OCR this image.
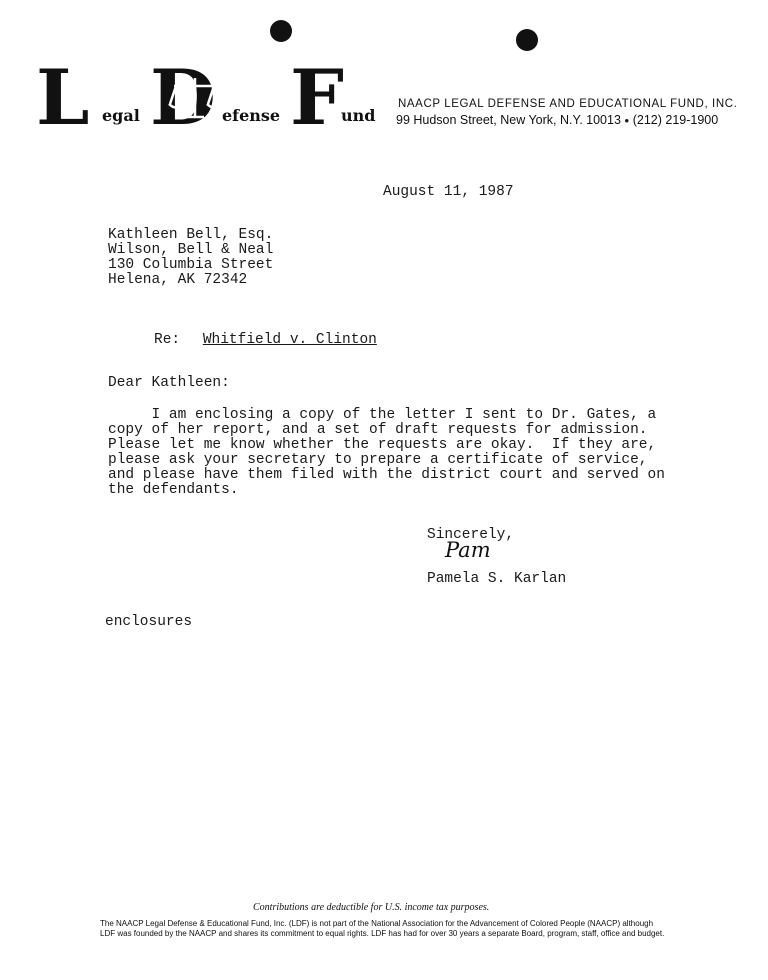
L egal D efense F und
NAACP LEGAL DEFENSE AND EDUCATIONAL FUND, INC.
99 Hudson Street, New York, N.Y. 10013 ● (212) 219-1900
August 11, 1987
Kathleen Bell, Esq.
Wilson, Bell & Neal
130 Columbia Street
Helena, AK 72342
Re: Whitfield v. Clinton
Dear Kathleen:

I am enclosing a copy of the letter I sent to Dr. Gates, a

copy of her report, and a set of draft requests for admission.

Please let me know whether the requests are okay.  If they are,

please ask your secretary to prepare a certificate of service,

and please have them filed with the district court and served on

the defendants.

Sincerely,
Pam
Pamela S. Karlan
enclosures
Contributions are deductible for U.S. income tax purposes.
The NAACP Legal Defense & Educational Fund, Inc. (LDF) is not part of the National Association for the Advancement of Colored People (NAACP) although
LDF was founded by the NAACP and shares its commitment to equal rights. LDF has had for over 30 years a separate Board, program, staff, office and budget.
